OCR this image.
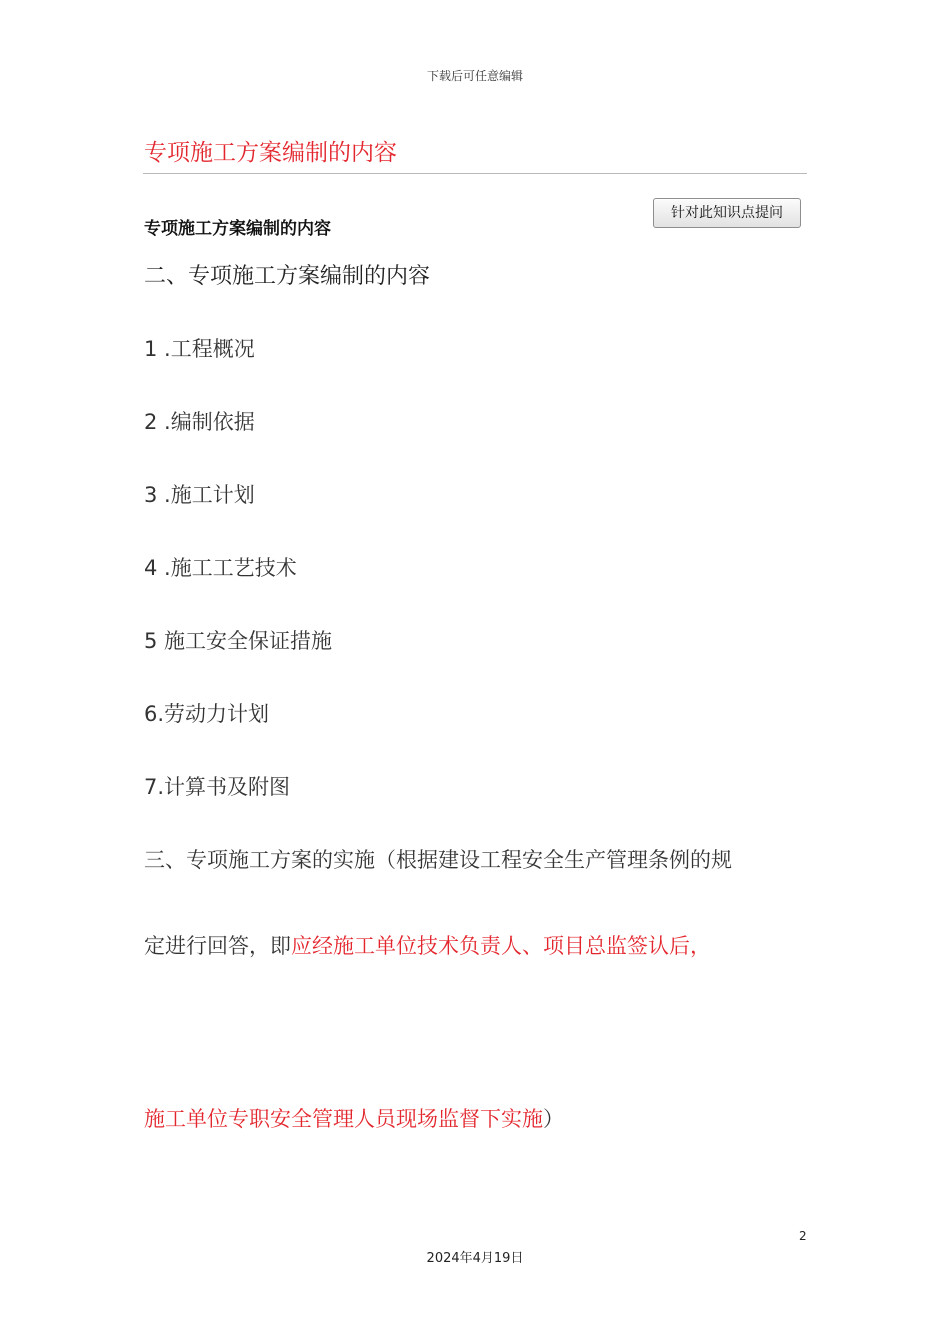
下载后可任意编辑
专项施工方案编制的内容
专项施工方案编制的内容
针对此知识点提问
二、专项施工方案编制的内容
1 .工程概况
2 .编制依据
3 .施工计划
4 .施工工艺技术
5 施工安全保证措施
6.劳动力计划
7.计算书及附图
三、专项施工方案的实施（根据建设工程安全生产管理条例的规
定进行回答，即应经施工单位技术负责人、项目总监签认后，
施工单位专职安全管理人员现场监督下实施）
2
2024年4月19日
